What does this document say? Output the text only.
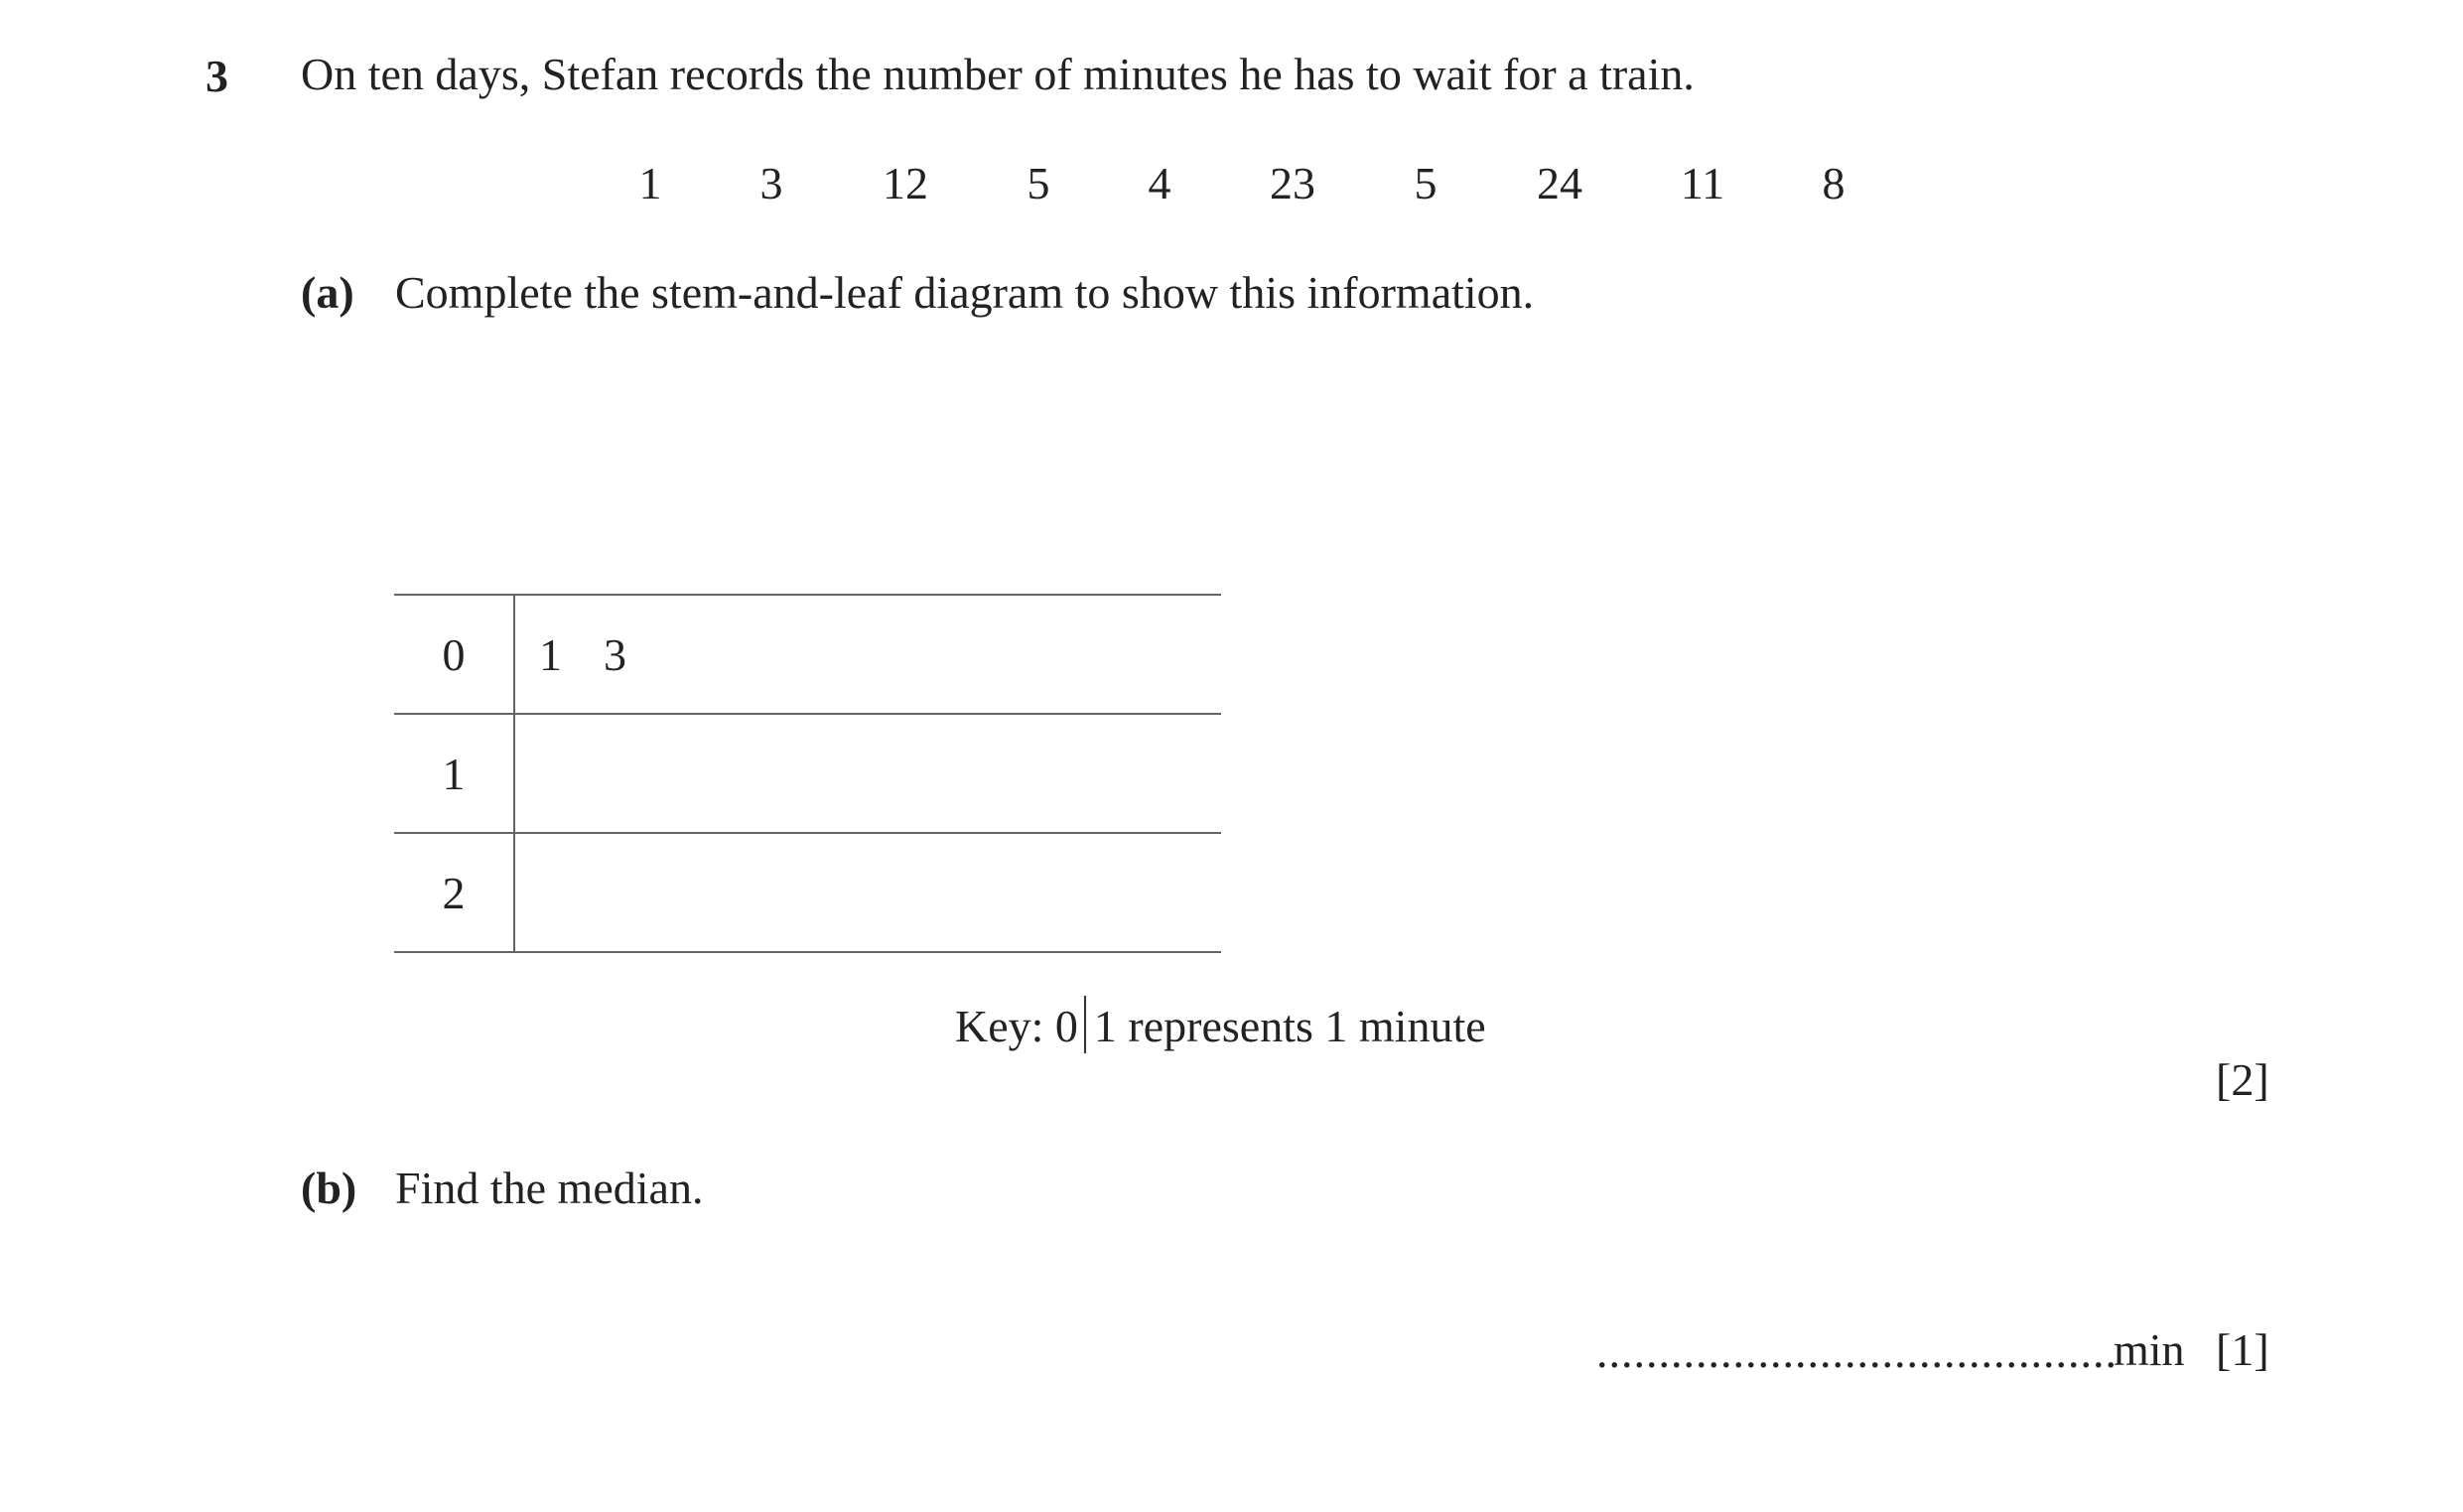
3 On ten days, Stefan records the number of minutes he has to wait for a train.
1	3	12	5	4	23	5	24	11	8
(a) Complete the stem-and-leaf diagram to show this information.
0	1 3
1	
2	
Key: 0 1 represents 1 minute
[2]
(b) Find the median.
..........................................
min [1]
